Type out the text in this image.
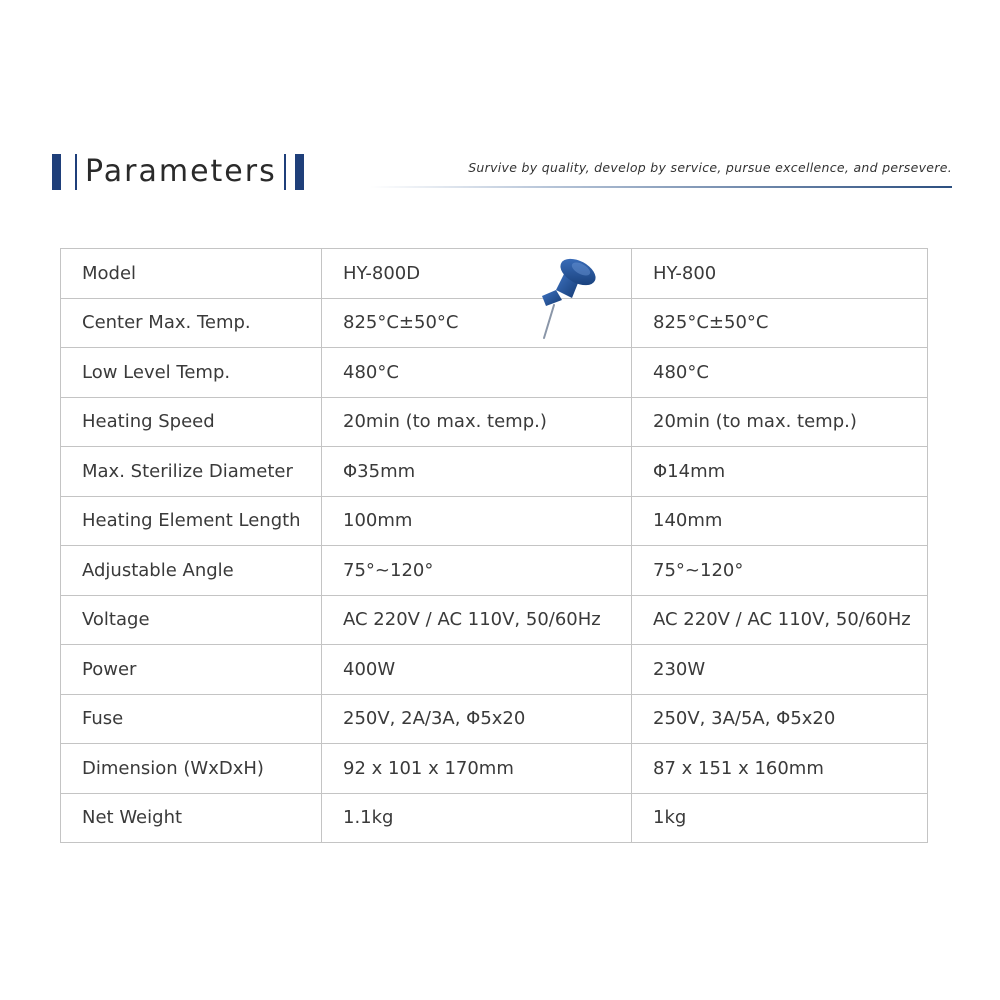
Parameters	Survive by quality, develop by service, pursue excellence, and persevere.
Model	HY-800D	HY-800
Center Max. Temp.	825°C±50°C	825°C±50°C
Low Level Temp.	480°C	480°C
Heating Speed	20min (to max. temp.)	20min (to max. temp.)
Max. Sterilize Diameter	Φ35mm	Φ14mm
Heating Element Length	100mm	140mm
Adjustable Angle	75°~120°	75°~120°
Voltage	AC 220V / AC 110V, 50/60Hz	AC 220V / AC 110V, 50/60Hz
Power	400W	230W
Fuse	250V, 2A/3A, Φ5x20	250V, 3A/5A, Φ5x20
Dimension (WxDxH)	92 x 101 x 170mm	87 x 151 x 160mm
Net Weight	1.1kg	1kg
